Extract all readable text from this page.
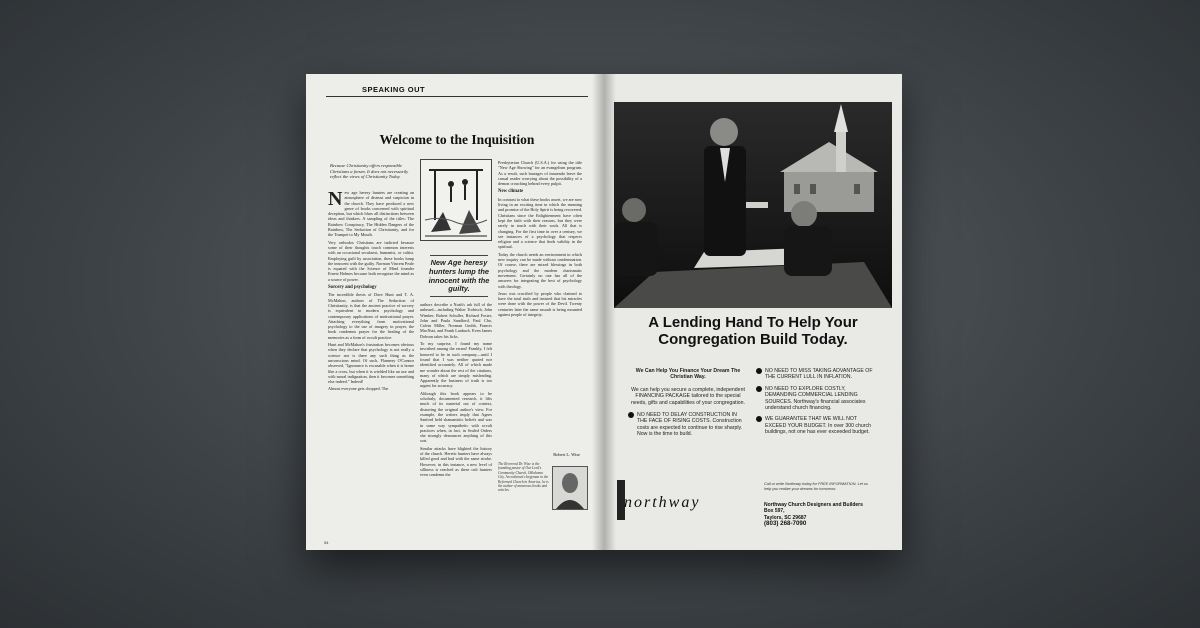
SPEAKING OUT
Welcome to the Inquisition
Because Christianity offers responsible Christians a forum. It does not necessarily reflect the views of Christianity Today.

New age heresy hunters are creating an atmosphere of distrust and suspicion in the church. They have produced a new genre of books concerned with spiritual deception, but which blurs all distinctions between ideas and thinkers. A sampling of the titles: The Rainbow Conspiracy, The Hidden Dangers of the Rainbow, The Seduction of Christianity, and for the Trumpet to My Mouth.

Very orthodox Christians are indicted because some of their thoughts touch common interests with an occasional secularist, humanist, or cultist. Employing guilt by association, these books lump the innocent with the guilty. Norman Vincent Peale is equated with the Science of Mind founder Ernest Holmes because both recognize the mind as a source of power.

Sorcery and psychology

The incredible thesis of Dave Hunt and T. A. McMahon, authors of The Seduction of Christianity, is that the ancient practice of sorcery is equivalent to modern psychology and contemporary applications of motivational prayer. Attacking everything from motivational psychology to the use of imagery in prayer, the book condemns prayer for the healing of the memories as a form of occult practice.

Hunt and McMahon's frustration becomes obvious when they declare that psychology is not really a science nor is there any such thing as the unconscious mind. Of such, Flannery O'Connor observed, "Ignorance is excusable when it is borne like a cross, but when it is wielded like an axe and with moral indignation, then it becomes something else indeed." Indeed!

Almost everyone gets chopped. The

New Age heresy hunters lump the innocent with the guilty.

authors describe a Noah's ark full of the unheard—including Walter Trobisch, John Wimber, Robert Schuller, Richard Foster, John and Paula Sandford, Paul Cho, Calvin Miller, Norman Grubb, Francis MacNutt, and Frank Laubach. Even James Dobson takes his licks.

To my surprise, I found my name inscribed among the errant! Frankly, I felt honored to be in such company—until I found that I was neither quoted nor identified accurately. All of which made me wonder about the rest of the citations, many of which are simply misleading. Apparently the business of truth is too urgent for accuracy.

Although this book appears to be scholarly, documented research, it lifts much of its material out of context, distorting the original author's view. For example, the writers imply that Agnes Sanford held shamanistic beliefs and was in some way sympathetic with occult practices when, in fact, in Sealed Orders she strongly denounces anything of this sort.

Similar attacks have blighted the history of the church. Heretic hunters have always killed good and bad with the same stroke. However, in this instance, a new level of silliness is reached as these cult hunters even condemn the

Presbyterian Church (U.S.A.) for using the title "New Age Showing" for an evangelism program. As a result, such barrages of innuendo leave the casual reader worrying about the possibility of a demon crouching behind every pulpit.

New climate

In contrast to what these books assert, we are now living in an exciting time in which the meaning and promise of the Holy Spirit is being recovered. Christians since the Enlightenment have often kept the faith with their reasons, but they were rarely in touch with their souls. All that is changing. For the first time in over a century, we see instances of a psychology that respects religion and a science that finds validity in the spiritual.

Today the church needs an environment in which new inquiry can be made without condemnation. Of course, there are mixed blessings in both psychology and the modern charismatic movement. Certainly no one has all of the answers for integrating the best of psychology with theology.

Jesus was crucified by people who claimed to have the total truth and insisted that his miracles were done with the power of the Devil. Twenty centuries later the same assault is being mounted against people of integrity.

Robert L. Wise
The Reverend Dr. Wise is the founding pastor of Our Lord's Community Church, Oklahoma City. An ordained clergyman in the Reformed Church in America, he is the author of numerous books and articles.
54
A Lending Hand To Help Your Congregation Build Today.
We Can Help You Finance Your Dream The Christian Way.
We can help you secure a complete, independent FINANCING PACKAGE tailored to the special needs, gifts and capabilities of your congregation.
NO NEED TO DELAY CONSTRUCTION IN THE FACE OF RISING COSTS. Construction costs are expected to continue to rise sharply. Now is the time to build.
NO NEED TO MISS TAKING ADVANTAGE OF THE CURRENT LULL IN INFLATION.
NO NEED TO EXPLORE COSTLY, DEMANDING COMMERCIAL LENDING SOURCES. Northway's financial associates understand church financing.
WE GUARANTEE THAT WE WILL NOT EXCEED YOUR BUDGET. In over 300 church buildings, not one has ever exceeded budget.
northway
Call or write Northway today for FREE INFORMATION. Let us help you realize your dreams for tomorrow.
Northway Church Designers and Builders
Box 597,
Taylors, SC 29687
(803) 268-7090
